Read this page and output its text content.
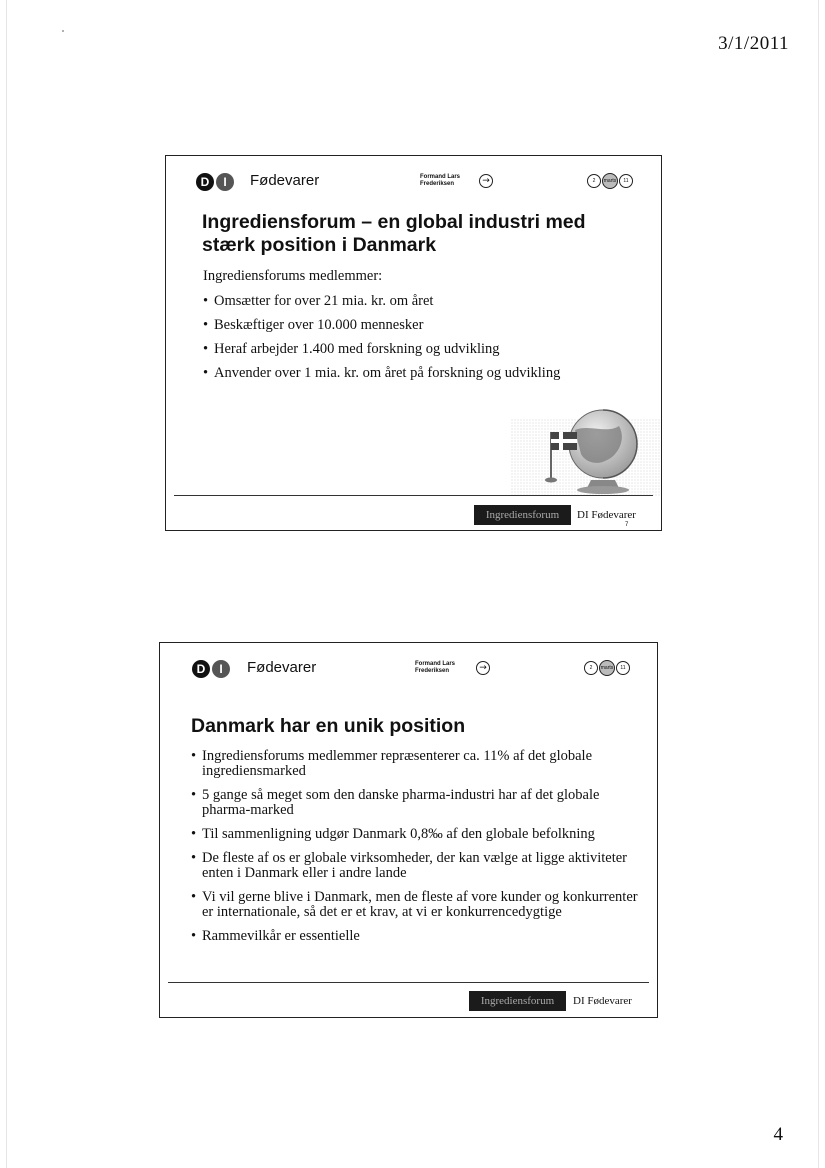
3/1/2011
D	I	Fødevarer	Formand Lars
Frederiksen	→	2	marts	11
Ingrediensforum – en global industri med
stærk position i Danmark
Ingrediensforums medlemmer:
• Omsætter for over 21 mia. kr. om året
• Beskæftiger over 10.000 mennesker
• Heraf arbejder 1.400 med forskning og udvikling
• Anvender over 1 mia. kr. om året på forskning og udvikling
Ingrediensforum	DI Fødevarer
7
D	I	Fødevarer	Formand Lars
Frederiksen	→	2	marts	11
Danmark har en unik position
• Ingrediensforums medlemmer repræsenterer ca. 11% af det globale ingrediensmarked
• 5 gange så meget som den danske pharma-industri har af det globale pharma-marked
• Til sammenligning udgør Danmark 0,8‰ af den globale befolkning
• De fleste af os er globale virksomheder, der kan vælge at ligge aktiviteter enten i Danmark eller i andre lande
• Vi vil gerne blive i Danmark, men de fleste af vore kunder og konkurrenter er internationale, så det er et krav, at vi er konkurrencedygtige
• Rammevilkår er essentielle
Ingrediensforum	DI Fødevarer
4
